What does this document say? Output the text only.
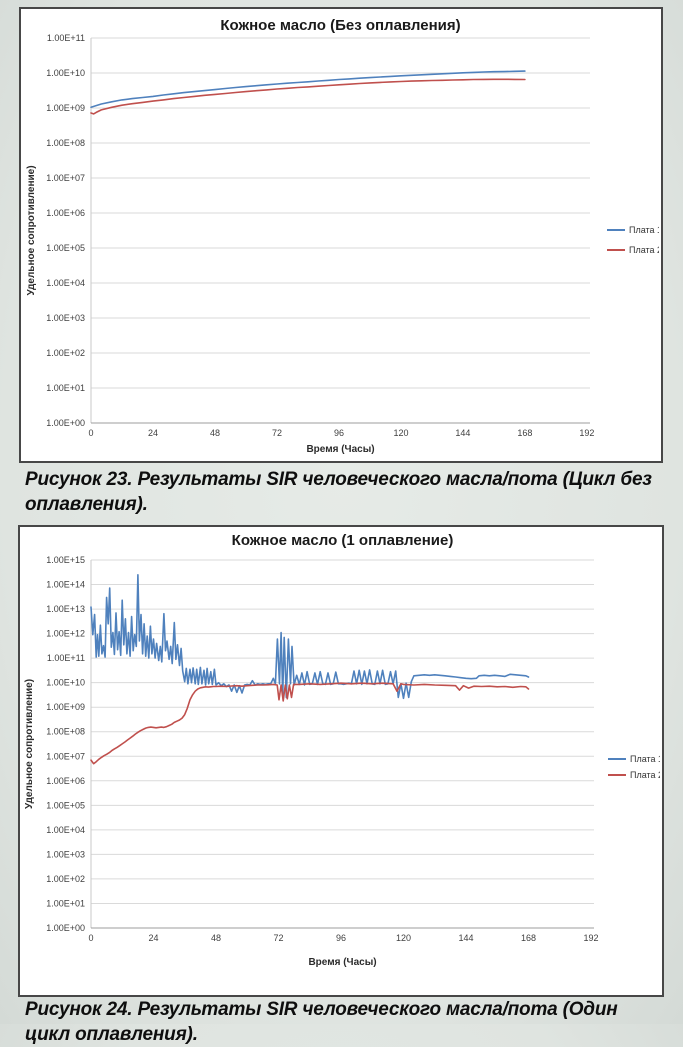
1.00E+00
1.00E+01
1.00E+02
1.00E+03
1.00E+04
1.00E+05
1.00E+06
1.00E+07
1.00E+08
1.00E+09
1.00E+10
1.00E+11
0	24	48	72	96	120	144	168	192
Плата 1
Плата 2
Кожное масло (Без оплавления)
Время (Часы)
Удельное сопротивление)
Рисунок 23. Результаты SIR человеческого масла/пота (Цикл без оплавления).
1.00E+00
1.00E+01
1.00E+02
1.00E+03
1.00E+04
1.00E+05
1.00E+06
1.00E+07
1.00E+08
1.00E+09
1.00E+10
1.00E+11
1.00E+12
1.00E+13
1.00E+14
1.00E+15
0	24	48	72	96	120	144	168	192
Плата 1
Плата 2
Кожное масло (1 оплавление)
Время (Часы)
Удельное сопротивление)
Рисунок 24. Результаты SIR человеческого масла/пота (Один цикл оплавления).
